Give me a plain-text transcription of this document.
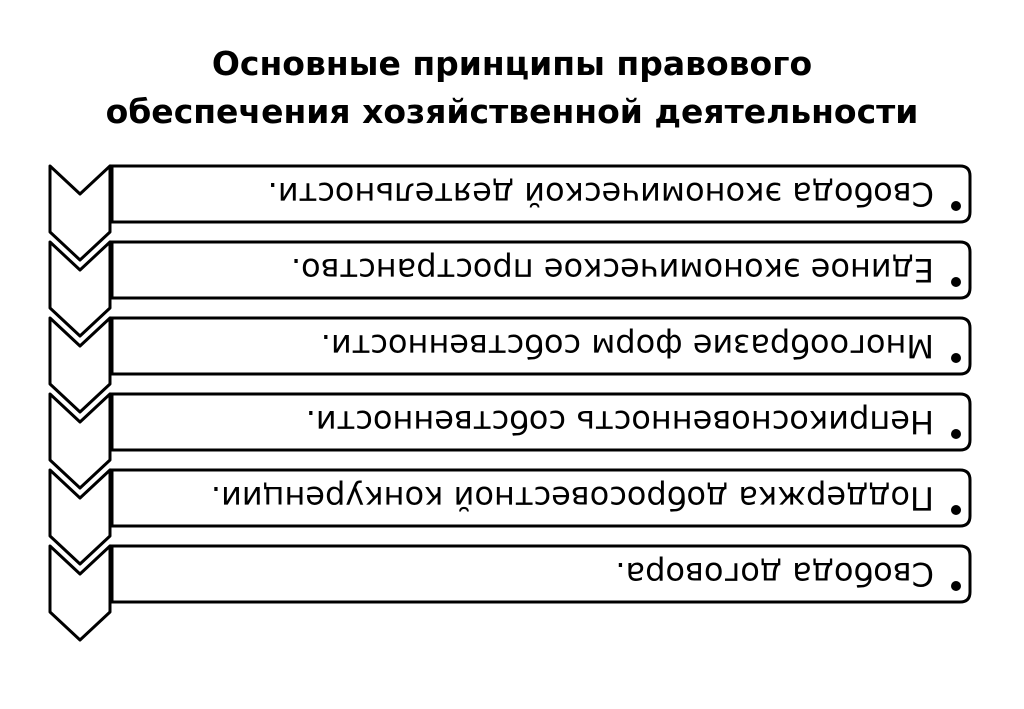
Основные принципы правового
обеспечения хозяйственной деятельности
Свобода экономической деятельности.
Единое экономическое пространство.
Многообразие форм собственности.
Неприкосновенность собственности.
Поддержка добросовестной конкуренции.
Свобода договора.
